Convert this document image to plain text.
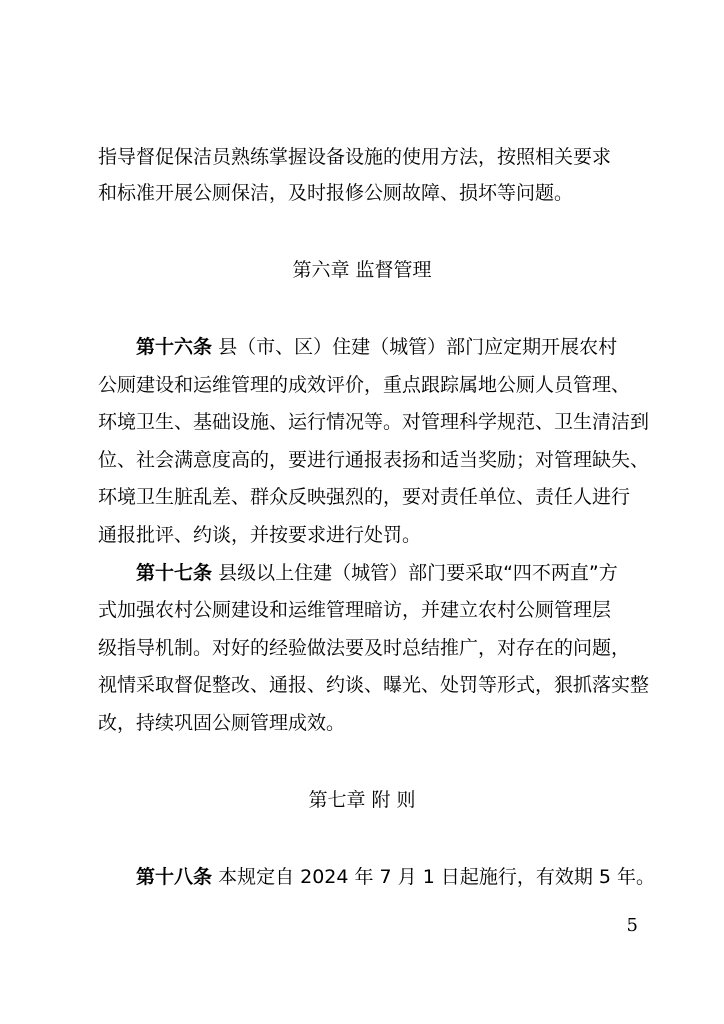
指导督促保洁员熟练掌握设备设施的使用方法，按照相关要求
和标准开展公厕保洁，及时报修公厕故障、损坏等问题。
第六章 监督管理
第十六条 县（市、区）住建（城管）部门应定期开展农村
公厕建设和运维管理的成效评价，重点跟踪属地公厕人员管理、
环境卫生、基础设施、运行情况等。对管理科学规范、卫生清洁到
位、社会满意度高的，要进行通报表扬和适当奖励；对管理缺失、
环境卫生脏乱差、群众反映强烈的，要对责任单位、责任人进行
通报批评、约谈，并按要求进行处罚。
第十七条 县级以上住建（城管）部门要采取“四不两直”方
式加强农村公厕建设和运维管理暗访，并建立农村公厕管理层
级指导机制。对好的经验做法要及时总结推广，对存在的问题，
视情采取督促整改、通报、约谈、曝光、处罚等形式，狠抓落实整
改，持续巩固公厕管理成效。
第七章 附 则
第十八条 本规定自 2024 年 7 月 1 日起施行，有效期 5 年。
5
